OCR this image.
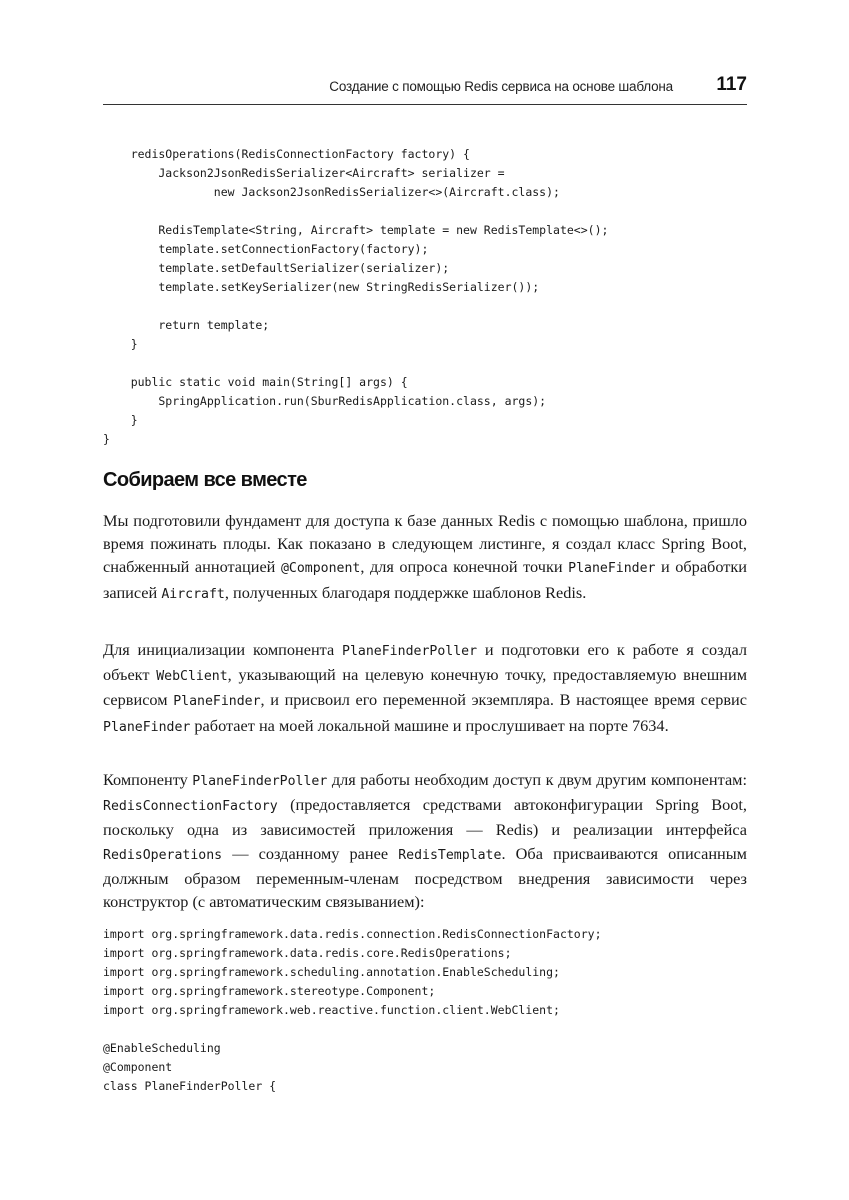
Создание с помощью Redis сервиса на основе шаблона 117
redisOperations(RedisConnectionFactory factory) {
Jackson2JsonRedisSerializer<Aircraft> serializer =
new Jackson2JsonRedisSerializer<>(Aircraft.class);

RedisTemplate<String, Aircraft> template = new RedisTemplate<>();
template.setConnectionFactory(factory);
template.setDefaultSerializer(serializer);
template.setKeySerializer(new StringRedisSerializer());

return template;
}

public static void main(String[] args) {
SpringApplication.run(SburRedisApplication.class, args);
}
}
Собираем все вместе

Мы подготовили фундамент для доступа к базе данных Redis с помощью шаблона, пришло время пожинать плоды. Как показано в следующем листинге, я создал класс Spring Boot, снабженный аннотацией @Component, для опроса конечной точки PlaneFinder и обработки записей Aircraft, полученных благодаря поддержке шаблонов Redis.

Для инициализации компонента PlaneFinderPoller и подготовки его к работе я создал объект WebClient, указывающий на целевую конечную точку, предоставляемую внешним сервисом PlaneFinder, и присвоил его переменной экземпляра. В настоящее время сервис PlaneFinder работает на моей локальной машине и прослушивает на порте 7634.

Компоненту PlaneFinderPoller для работы необходим доступ к двум другим компонентам: RedisConnectionFactory (предоставляется средствами автоконфигурации Spring Boot, поскольку одна из зависимостей приложения — Redis) и реализации интерфейса RedisOperations — созданному ранее RedisTemplate. Оба присваиваются описанным должным образом переменным-членам посредством внедрения зависимости через конструктор (с автоматическим связыванием):

import org.springframework.data.redis.connection.RedisConnectionFactory;
import org.springframework.data.redis.core.RedisOperations;
import org.springframework.scheduling.annotation.EnableScheduling;
import org.springframework.stereotype.Component;
import org.springframework.web.reactive.function.client.WebClient;

@EnableScheduling
@Component
class PlaneFinderPoller {
